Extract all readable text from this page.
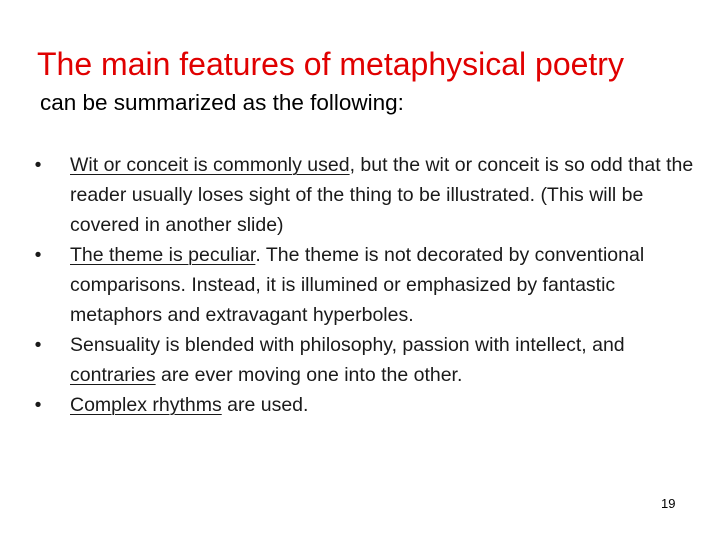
The main features of metaphysical poetry
can be summarized as the following:
•	Wit or conceit is commonly used, but the wit or conceit is so odd that the reader usually loses sight of the thing to be illustrated. (This will be covered in another slide)
•	The theme is peculiar. The theme is not decorated by conventional comparisons. Instead, it is illumined or emphasized by fantastic metaphors and extravagant hyperboles.
•	Sensuality is blended with philosophy, passion with intellect, and contraries are ever moving one into the other.
•	Complex rhythms are used.
19
